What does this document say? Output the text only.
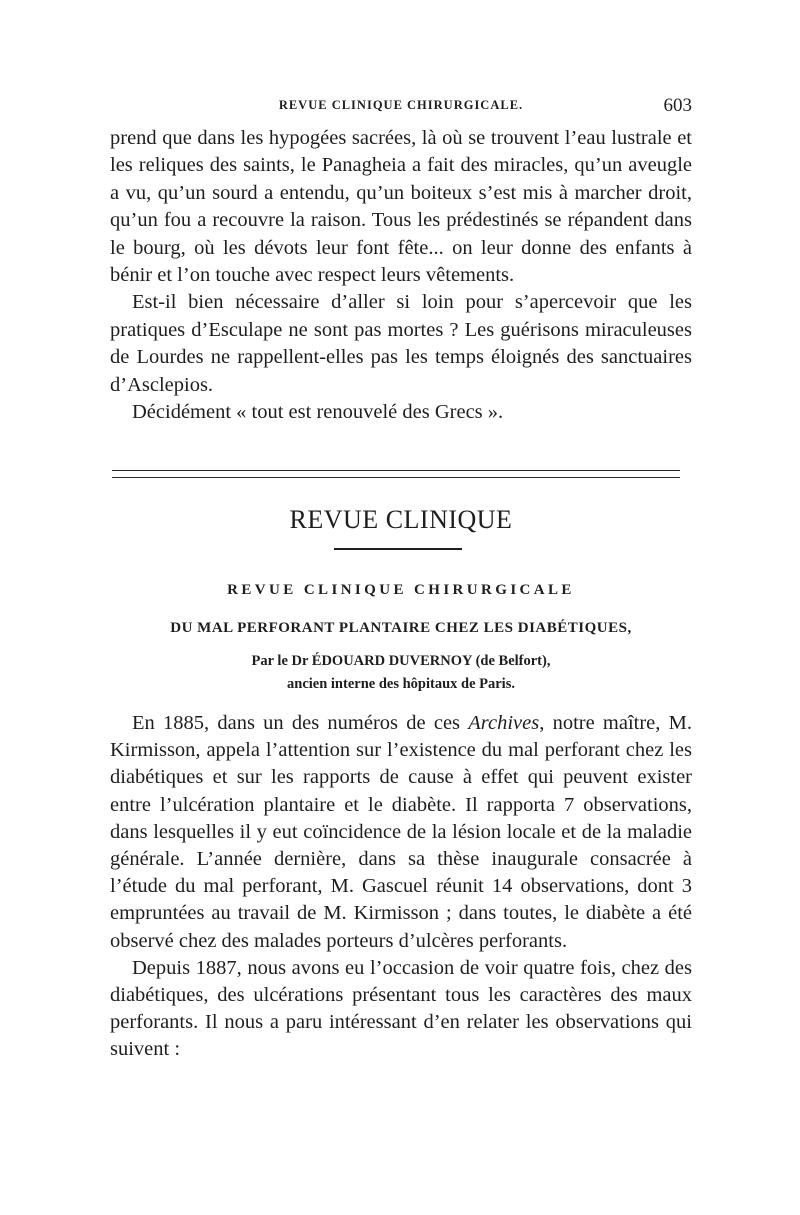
REVUE CLINIQUE CHIRURGICALE.	603

prend que dans les hypogées sacrées, là où se trouvent l’eau lustrale et les reliques des saints, le Panagheia a fait des miracles, qu’un aveugle a vu, qu’un sourd a entendu, qu’un boiteux s’est mis à marcher droit, qu’un fou a recouvre la raison. Tous les prédestinés se répandent dans le bourg, où les dévots leur font fête... on leur donne des enfants à bénir et l’on touche avec respect leurs vêtements.

Est-il bien nécessaire d’aller si loin pour s’apercevoir que les pratiques d’Esculape ne sont pas mortes ? Les guérisons miraculeuses de Lourdes ne rappellent-elles pas les temps éloignés des sanctuaires d’Asclepios.

Décidément « tout est renouvelé des Grecs ».

REVUE CLINIQUE
REVUE CLINIQUE CHIRURGICALE
DU MAL PERFORANT PLANTAIRE CHEZ LES DIABÉTIQUES,
Par le Dr ÉDOUARD DUVERNOY (de Belfort),
ancien interne des hôpitaux de Paris.

En 1885, dans un des numéros de ces Archives, notre maître, M. Kirmisson, appela l’attention sur l’existence du mal perforant chez les diabétiques et sur les rapports de cause à effet qui peuvent exister entre l’ulcération plantaire et le diabète. Il rapporta 7 observations, dans lesquelles il y eut coïncidence de la lésion locale et de la maladie générale. L’année dernière, dans sa thèse inaugurale consacrée à l’étude du mal perforant, M. Gascuel réunit 14 observations, dont 3 empruntées au travail de M. Kirmisson ; dans toutes, le diabète a été observé chez des malades porteurs d’ulcères perforants.

Depuis 1887, nous avons eu l’occasion de voir quatre fois, chez des diabétiques, des ulcérations présentant tous les caractères des maux perforants. Il nous a paru intéressant d’en relater les observations qui suivent :
